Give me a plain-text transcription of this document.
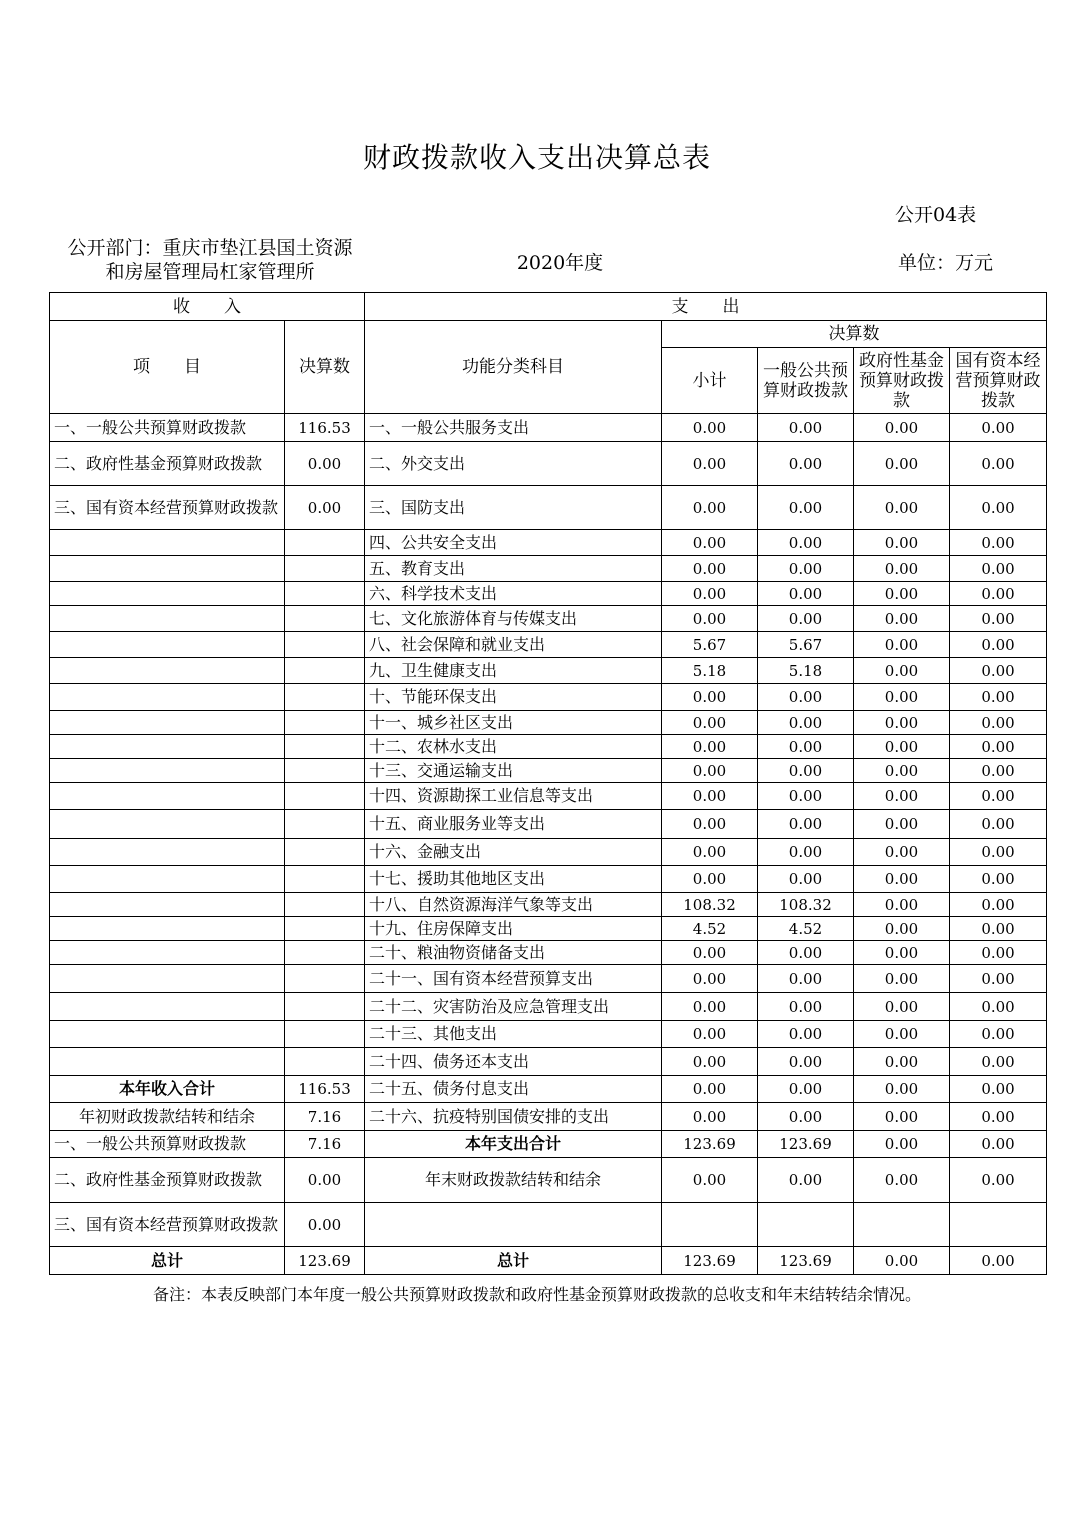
财政拨款收入支出决算总表
公开04表
公开部门：重庆市垫江县国土资源和房屋管理局杠家管理所	2020年度	单位：万元
收　　入		支　　出				
项　　目	决算数	功能分类科目	决算数			
			小计	一般公共预算财政拨款	政府性基金预算财政拨款	国有资本经营预算财政拨款
一、一般公共预算财政拨款	116.53	一、一般公共服务支出	0.00	0.00	0.00	0.00
二、政府性基金预算财政拨款	0.00	二、外交支出	0.00	0.00	0.00	0.00
三、国有资本经营预算财政拨款	0.00	三、国防支出	0.00	0.00	0.00	0.00
		四、公共安全支出	0.00	0.00	0.00	0.00
		五、教育支出	0.00	0.00	0.00	0.00
		六、科学技术支出	0.00	0.00	0.00	0.00
		七、文化旅游体育与传媒支出	0.00	0.00	0.00	0.00
		八、社会保障和就业支出	5.67	5.67	0.00	0.00
		九、卫生健康支出	5.18	5.18	0.00	0.00
		十、节能环保支出	0.00	0.00	0.00	0.00
		十一、城乡社区支出	0.00	0.00	0.00	0.00
		十二、农林水支出	0.00	0.00	0.00	0.00
		十三、交通运输支出	0.00	0.00	0.00	0.00
		十四、资源勘探工业信息等支出	0.00	0.00	0.00	0.00
		十五、商业服务业等支出	0.00	0.00	0.00	0.00
		十六、金融支出	0.00	0.00	0.00	0.00
		十七、援助其他地区支出	0.00	0.00	0.00	0.00
		十八、自然资源海洋气象等支出	108.32	108.32	0.00	0.00
		十九、住房保障支出	4.52	4.52	0.00	0.00
		二十、粮油物资储备支出	0.00	0.00	0.00	0.00
		二十一、国有资本经营预算支出	0.00	0.00	0.00	0.00
		二十二、灾害防治及应急管理支出	0.00	0.00	0.00	0.00
		二十三、其他支出	0.00	0.00	0.00	0.00
		二十四、债务还本支出	0.00	0.00	0.00	0.00
本年收入合计	116.53	二十五、债务付息支出	0.00	0.00	0.00	0.00
年初财政拨款结转和结余	7.16	二十六、抗疫特别国债安排的支出	0.00	0.00	0.00	0.00
一、一般公共预算财政拨款	7.16	本年支出合计	123.69	123.69	0.00	0.00
二、政府性基金预算财政拨款	0.00	年末财政拨款结转和结余	0.00	0.00	0.00	0.00
三、国有资本经营预算财政拨款	0.00					
总计	123.69	总计	123.69	123.69	0.00	0.00
备注：本表反映部门本年度一般公共预算财政拨款和政府性基金预算财政拨款的总收支和年末结转结余情况。
